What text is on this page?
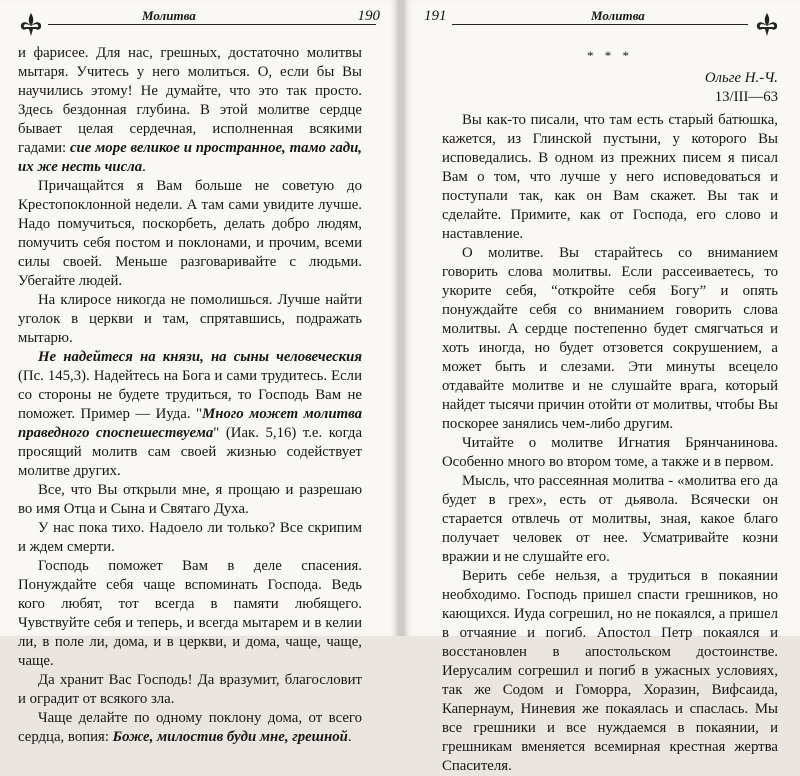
Молитва	190

и фарисее. Для нас, грешных, достаточно молитвы мытаря. Учитесь у него молиться. О, если бы Вы научились этому! Не думайте, что это так просто. Здесь бездонная глубина. В этой молитве сердце бывает целая сердечная, исполненная всякими гадами: сие море великое и пространное, тамо гади, их же несть числа.

Причащайтся я Вам больше не советую до Крестопоклонной недели. А там сами увидите лучше. Надо помучиться, поскорбеть, делать добро людям, помучить себя постом и поклонами, и прочим, всеми силы своей. Меньше разговаривайте с людьми. Убегайте людей.

На клиросе никогда не помолишься. Лучше найти уголок в церкви и там, спрятавшись, подражать мытарю.

Не надейтеся на князи, на сыны человеческия (Пс. 145,3). Надейтесь на Бога и сами трудитесь. Если со стороны не будете трудиться, то Господь Вам не поможет. Пример — Иуда. "Много может молитва праведного споспешествуема" (Иак. 5,16) т.е. когда просящий молитв сам своей жизнью содействует молитве других.

Все, что Вы открыли мне, я прощаю и разрешаю во имя Отца и Сына и Святаго Духа.

У нас пока тихо. Надоело ли только? Все скрипим и ждем смерти.

Господь поможет Вам в деле спасения. Понуждайте себя чаще вспоминать Господа. Ведь кого любят, тот всегда в памяти любящего. Чувствуйте себя и теперь, и всегда мытарем и в келии ли, в поле ли, дома, и в церкви, и дома, чаще, чаще, чаще.

Да хранит Вас Господь! Да вразумит, благословит и оградит от всякого зла.

Чаще делайте по одному поклону дома, от всего сердца, вопия: Боже, милостив буди мне, грешной.

191	Молитва
* * *
Ольге Н.-Ч.
13/III—63

Вы как-то писали, что там есть старый батюшка, кажется, из Глинской пустыни, у которого Вы исповедались. В одном из прежних писем я писал Вам о том, что лучше у него исповедоваться и поступали так, как он Вам скажет. Вы так и сделайте. Примите, как от Господа, его слово и наставление.

О молитве. Вы старайтесь со вниманием говорить слова молитвы. Если рассеиваетесь, то укорите себя, “откройте себя Богу” и опять понуждайте себя со вниманием говорить слова молитвы. А сердце постепенно будет смягчаться и хоть иногда, но будет отзовется сокрушением, а может быть и слезами. Эти минуты всецело отдавайте молитве и не слушайте врага, который найдет тысячи причин отойти от молитвы, чтобы Вы поскорее занялись чем-либо другим.

Читайте о молитве Игнатия Брянчанинова. Особенно много во втором томе, а также и в первом.

Мысль, что рассеянная молитва - «молитва его да будет в грех», есть от дьявола. Всячески он старается отвлечь от молитвы, зная, какое благо получает человек от нее. Усматривайте козни вражии и не слушайте его.

Верить себе нельзя, а трудиться в покаянии необходимо. Господь пришел спасти грешников, но кающихся. Иуда согрешил, но не покаялся, а пришел в отчаяние и погиб. Апостол Петр покаялся и восстановлен в апостольском достоинстве. Иерусалим согрешил и погиб в ужасных условиях, так же Содом и Гоморра, Хоразин, Вифсаида, Капернаум, Ниневия же покаялась и спаслась. Мы все грешники и все нуждаемся в покаянии, и грешникам вменяется всемирная крестная жертва Спасителя.
